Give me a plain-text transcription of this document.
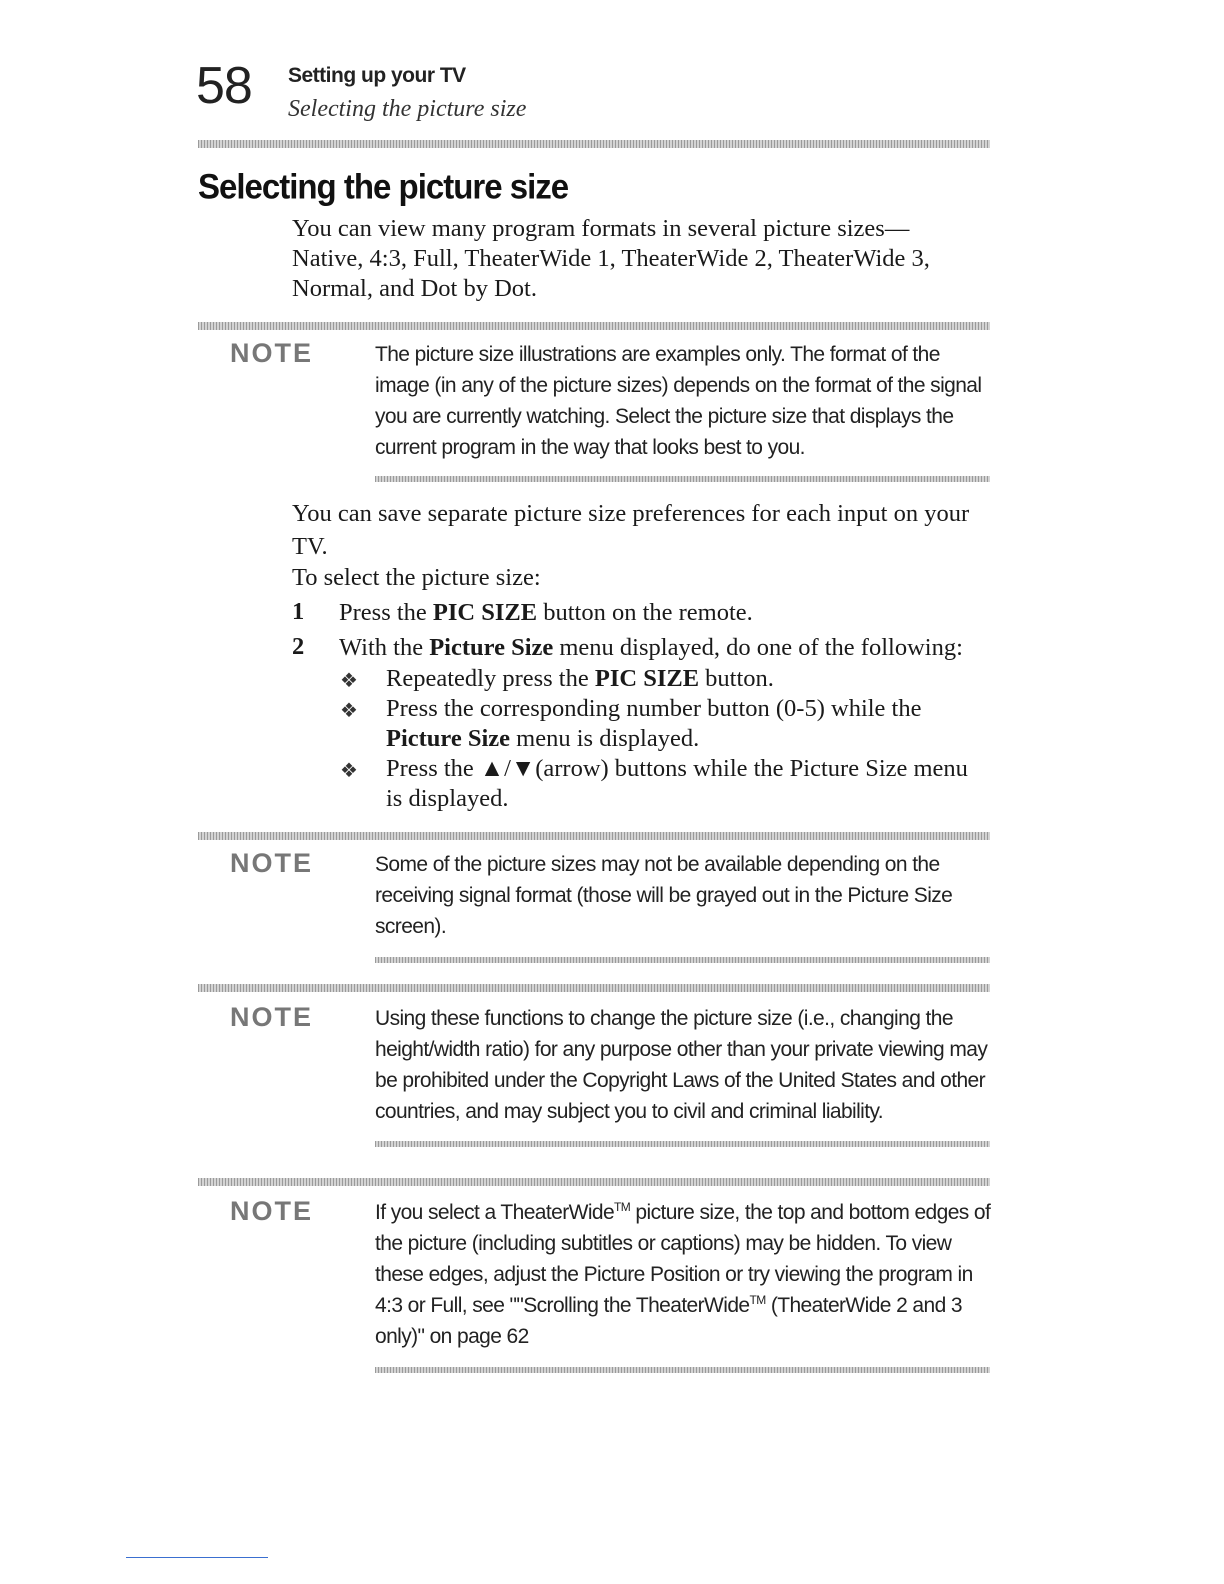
58 Setting up your TV
Selecting the picture size
Selecting the picture size
You can view many program formats in several picture sizes— Native, 4:3, Full, TheaterWide 1, TheaterWide 2, TheaterWide 3, Normal, and Dot by Dot.
NOTE	The picture size illustrations are examples only. The format of the image (in any of the picture sizes) depends on the format of the signal you are currently watching. Select the picture size that displays the current program in the way that looks best to you.
You can save separate picture size preferences for each input on your TV.
To select the picture size:
1 Press the PIC SIZE button on the remote.
2 With the Picture Size menu displayed, do one of the following:
❖ Repeatedly press the PIC SIZE button.
❖ Press the corresponding number button (0-5) while the Picture Size menu is displayed.
❖ Press the ▲/▼(arrow) buttons while the Picture Size menu is displayed.
NOTE	Some of the picture sizes may not be available depending on the receiving signal format (those will be grayed out in the Picture Size screen).
NOTE	Using these functions to change the picture size (i.e., changing the height/width ratio) for any purpose other than your private viewing may be prohibited under the Copyright Laws of the United States and other countries, and may subject you to civil and criminal liability.
NOTE	If you select a TheaterWide™ picture size, the top and bottom edges of the picture (including subtitles or captions) may be hidden. To view these edges, adjust the Picture Position or try viewing the program in 4:3 or Full, see ""Scrolling the TheaterWide™ (TheaterWide 2 and 3 only)" on page 62
